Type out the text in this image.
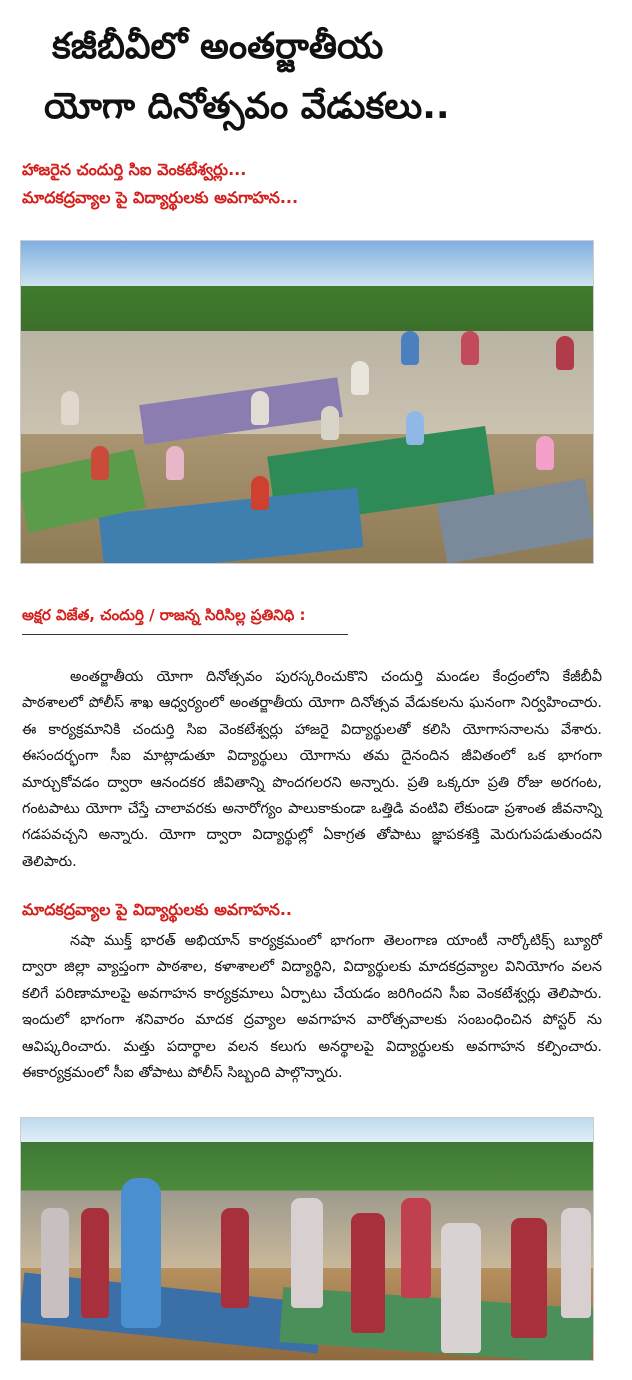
కజీబీవీలో అంతర్జాతీయ
యోగా దినోత్సవం వేడుకలు..
హాజరైన చందుర్తి సిఐ వెంకటేశ్వర్లు...
మాదకద్రవ్యాల పై విద్యార్థులకు అవగాహన...
అక్షర విజేత, చందుర్తి / రాజన్న సిరిసిల్ల ప్రతినిధి :
అంతర్జాతీయ యోగా దినోత్సవం పురస్కరించుకొని చందుర్తి మండల కేంద్రంలోని కేజీబీవీ పాఠశాలలో పోలీస్ శాఖ ఆధ్వర్యంలో అంతర్జాతీయ యోగా దినోత్సవ వేడుకలను ఘనంగా నిర్వహించారు. ఈ కార్యక్రమానికి చందుర్తి సిఐ వెంకటేశ్వర్లు హాజరై విద్యార్థులతో కలిసి యోగాసనాలను వేశారు. ఈసందర్భంగా సీఐ మాట్లాడుతూ విద్యార్థులు యోగాను తమ దైనందిన జీవితంలో ఒక భాగంగా మార్చుకోవడం ద్వారా ఆనందకర జీవితాన్ని పొందగలరని అన్నారు. ప్రతి ఒక్కరూ ప్రతి రోజు అరగంట, గంటపాటు యోగా చేస్తే చాలావరకు అనారోగ్యం పాలుకాకుండా ఒత్తిడి వంటివి లేకుండా ప్రశాంత జీవనాన్ని గడపవచ్చని అన్నారు. యోగా ద్వారా విద్యార్థుల్లో ఏకాగ్రత తోపాటు జ్ఞాపకశక్తి మెరుగుపడుతుందని తెలిపారు.
మాదకద్రవ్యాల పై విద్యార్థులకు అవగాహన..
నషా ముక్త్ భారత్ అభియాన్ కార్యక్రమంలో భాగంగా తెలంగాణ యాంటీ నార్కోటిక్స్ బ్యూరో ద్వారా జిల్లా వ్యాప్తంగా పాఠశాల, కళాశాలలో విద్యార్థిని, విద్యార్థులకు మాదకద్రవ్యాల వినియోగం వలన కలిగే పరిణామాలపై అవగాహన కార్యక్రమాలు ఏర్పాటు చేయడం జరిగిందని సీఐ వెంకటేశ్వర్లు తెలిపారు. ఇందులో భాగంగా శనివారం మాదక ద్రవ్యాల అవగాహన వారోత్సవాలకు సంబంధించిన పోస్టర్ ను ఆవిష్కరించారు. మత్తు పదార్థాల వలన కలుగు అనర్థాలపై విద్యార్థులకు అవగాహన కల్పించారు. ఈకార్యక్రమంలో సీఐ తోపాటు పోలీస్ సిబ్బంది పాల్గొన్నారు.
